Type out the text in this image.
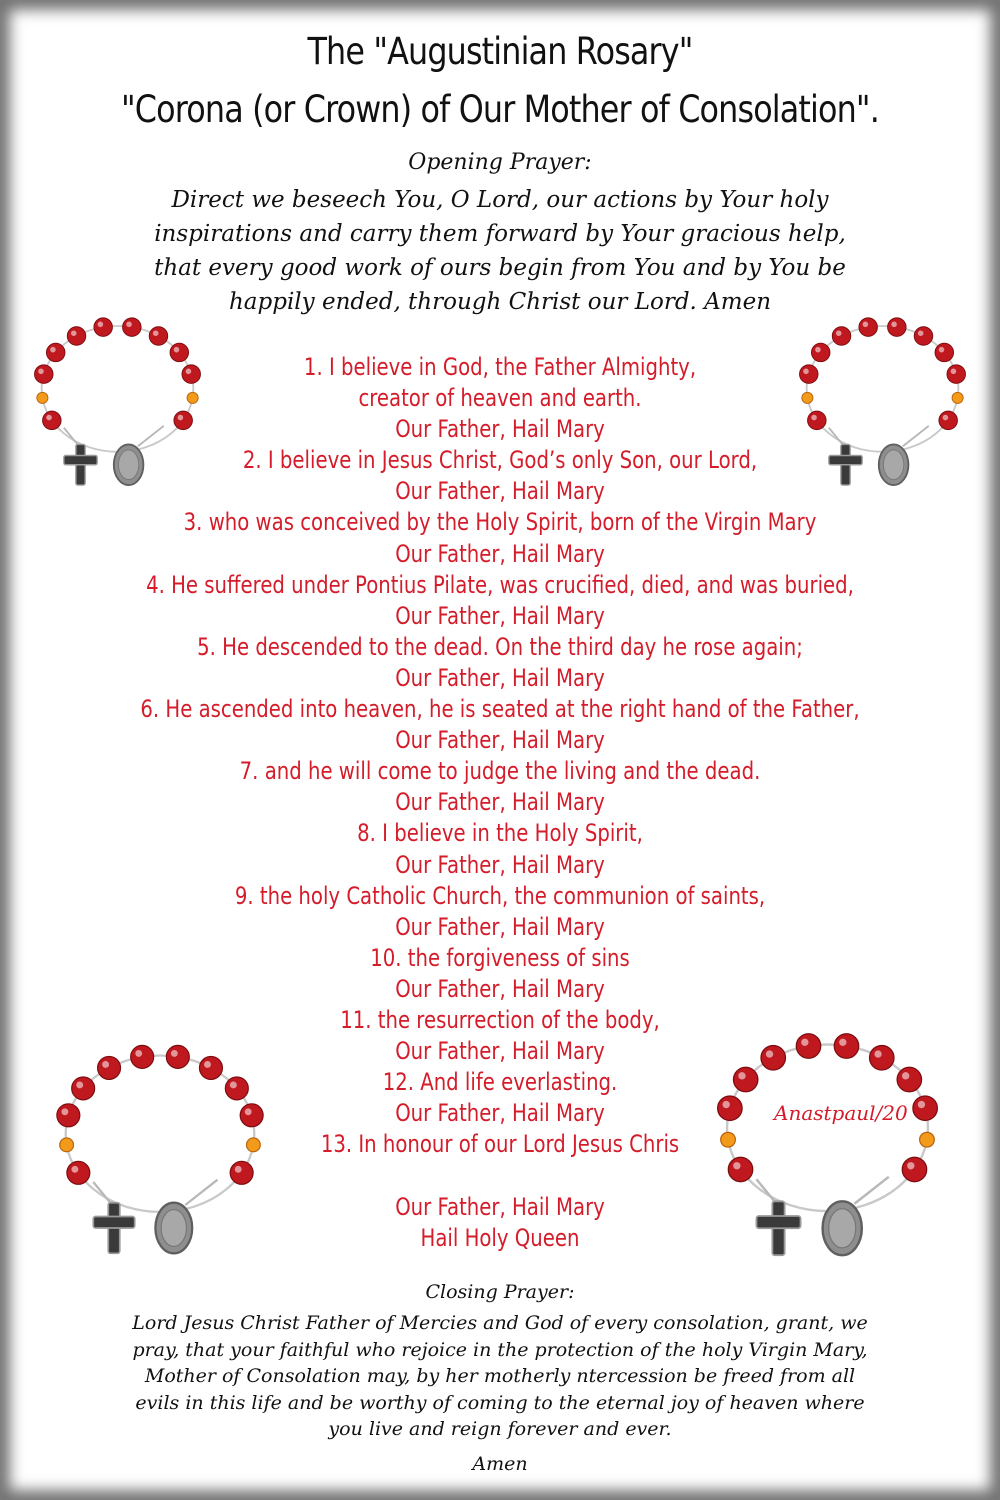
The "Augustinian Rosary"
"Corona (or Crown) of Our Mother of Consolation".
Opening Prayer:
Direct we beseech You, O Lord, our actions by Your holy
inspirations and carry them forward by Your gracious help,
that every good work of ours begin from You and by You be
happily ended, through Christ our Lord. Amen
1. I believe in God, the Father Almighty,
creator of heaven and earth.
Our Father, Hail Mary
2. I believe in Jesus Christ, God’s only Son, our Lord,
Our Father, Hail Mary
3. who was conceived by the Holy Spirit, born of the Virgin Mary
Our Father, Hail Mary
4. He suffered under Pontius Pilate, was crucified, died, and was buried,
Our Father, Hail Mary
5. He descended to the dead. On the third day he rose again;
Our Father, Hail Mary
6. He ascended into heaven, he is seated at the right hand of the Father,
Our Father, Hail Mary
7. and he will come to judge the living and the dead.
Our Father, Hail Mary
8. I believe in the Holy Spirit,
Our Father, Hail Mary
9. the holy Catholic Church, the communion of saints,
Our Father, Hail Mary
10. the forgiveness of sins
Our Father, Hail Mary
11. the resurrection of the body,
Our Father, Hail Mary
12. And life everlasting.
Our Father, Hail Mary
13. In honour of our Lord Jesus Chris
Our Father, Hail Mary
Hail Holy Queen
Closing Prayer:
Lord Jesus Christ Father of Mercies and God of every consolation, grant, we
pray, that your faithful who rejoice in the protection of the holy Virgin Mary,
Mother of Consolation may, by her motherly ntercession be freed from all
evils in this life and be worthy of coming to the eternal joy of heaven where
you live and reign forever and ever.
Amen
Anastpaul/20
